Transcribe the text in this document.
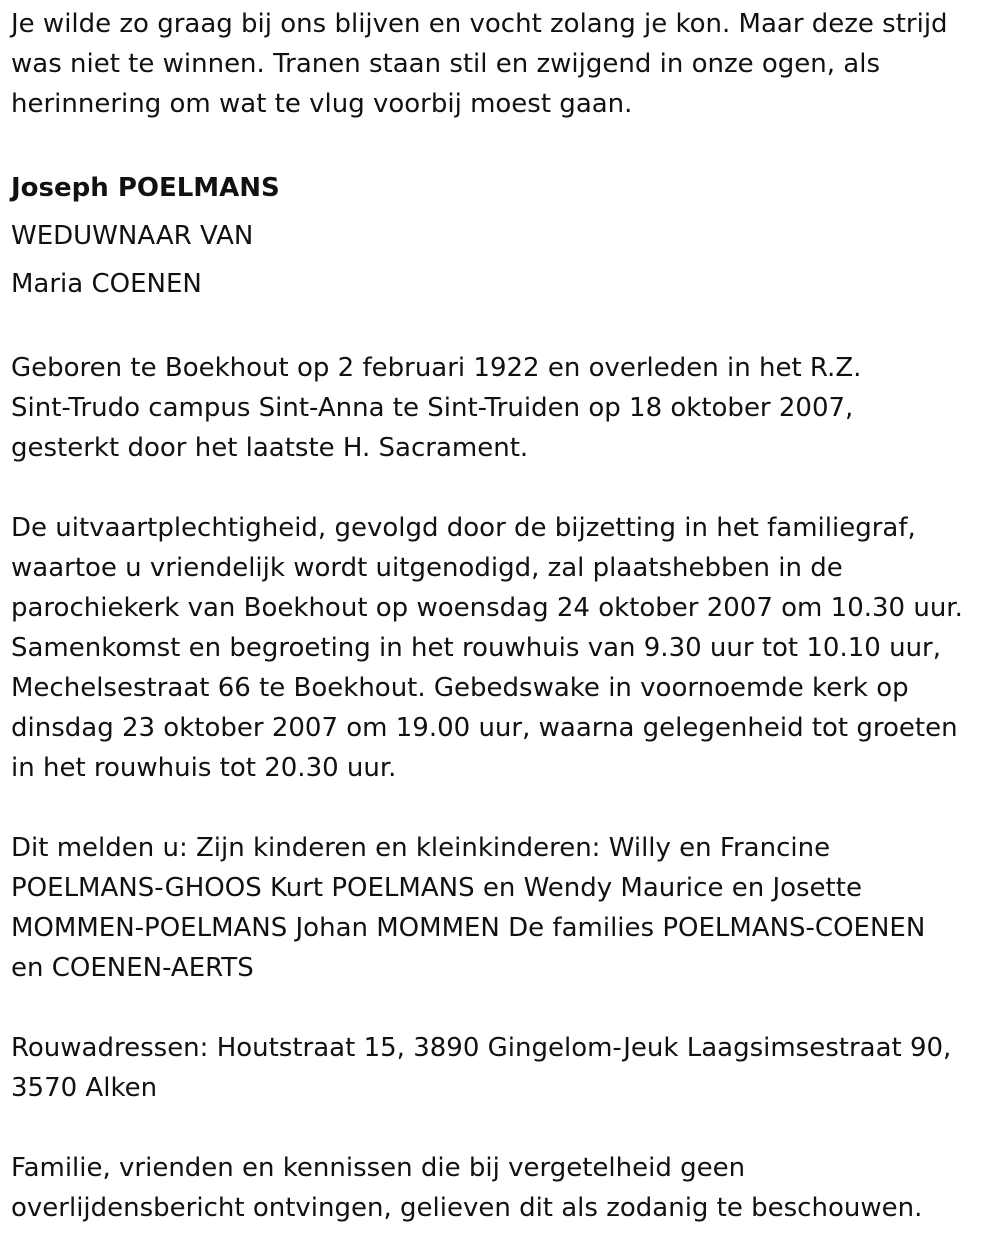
Je wilde zo graag bij ons blijven en vocht zolang je kon. Maar deze strijd
was niet te winnen. Tranen staan stil en zwijgend in onze ogen, als
herinnering om wat te vlug voorbij moest gaan.

Joseph POELMANS
WEDUWNAAR VAN
Maria COENEN

Geboren te Boekhout op 2 februari 1922 en overleden in het R.Z.
Sint-Trudo campus Sint-Anna te Sint-Truiden op 18 oktober 2007,
gesterkt door het laatste H. Sacrament.

De uitvaartplechtigheid, gevolgd door de bijzetting in het familiegraf,
waartoe u vriendelijk wordt uitgenodigd, zal plaatshebben in de
parochiekerk van Boekhout op woensdag 24 oktober 2007 om 10.30 uur.
Samenkomst en begroeting in het rouwhuis van 9.30 uur tot 10.10 uur,
Mechelsestraat 66 te Boekhout. Gebedswake in voornoemde kerk op
dinsdag 23 oktober 2007 om 19.00 uur, waarna gelegenheid tot groeten
in het rouwhuis tot 20.30 uur.

Dit melden u: Zijn kinderen en kleinkinderen: Willy en Francine
POELMANS-GHOOS Kurt POELMANS en Wendy Maurice en Josette
MOMMEN-POELMANS Johan MOMMEN De families POELMANS-COENEN
en COENEN-AERTS

Rouwadressen: Houtstraat 15, 3890 Gingelom-Jeuk Laagsimsestraat 90,
3570 Alken

Familie, vrienden en kennissen die bij vergetelheid geen
overlijdensbericht ontvingen, gelieven dit als zodanig te beschouwen.
